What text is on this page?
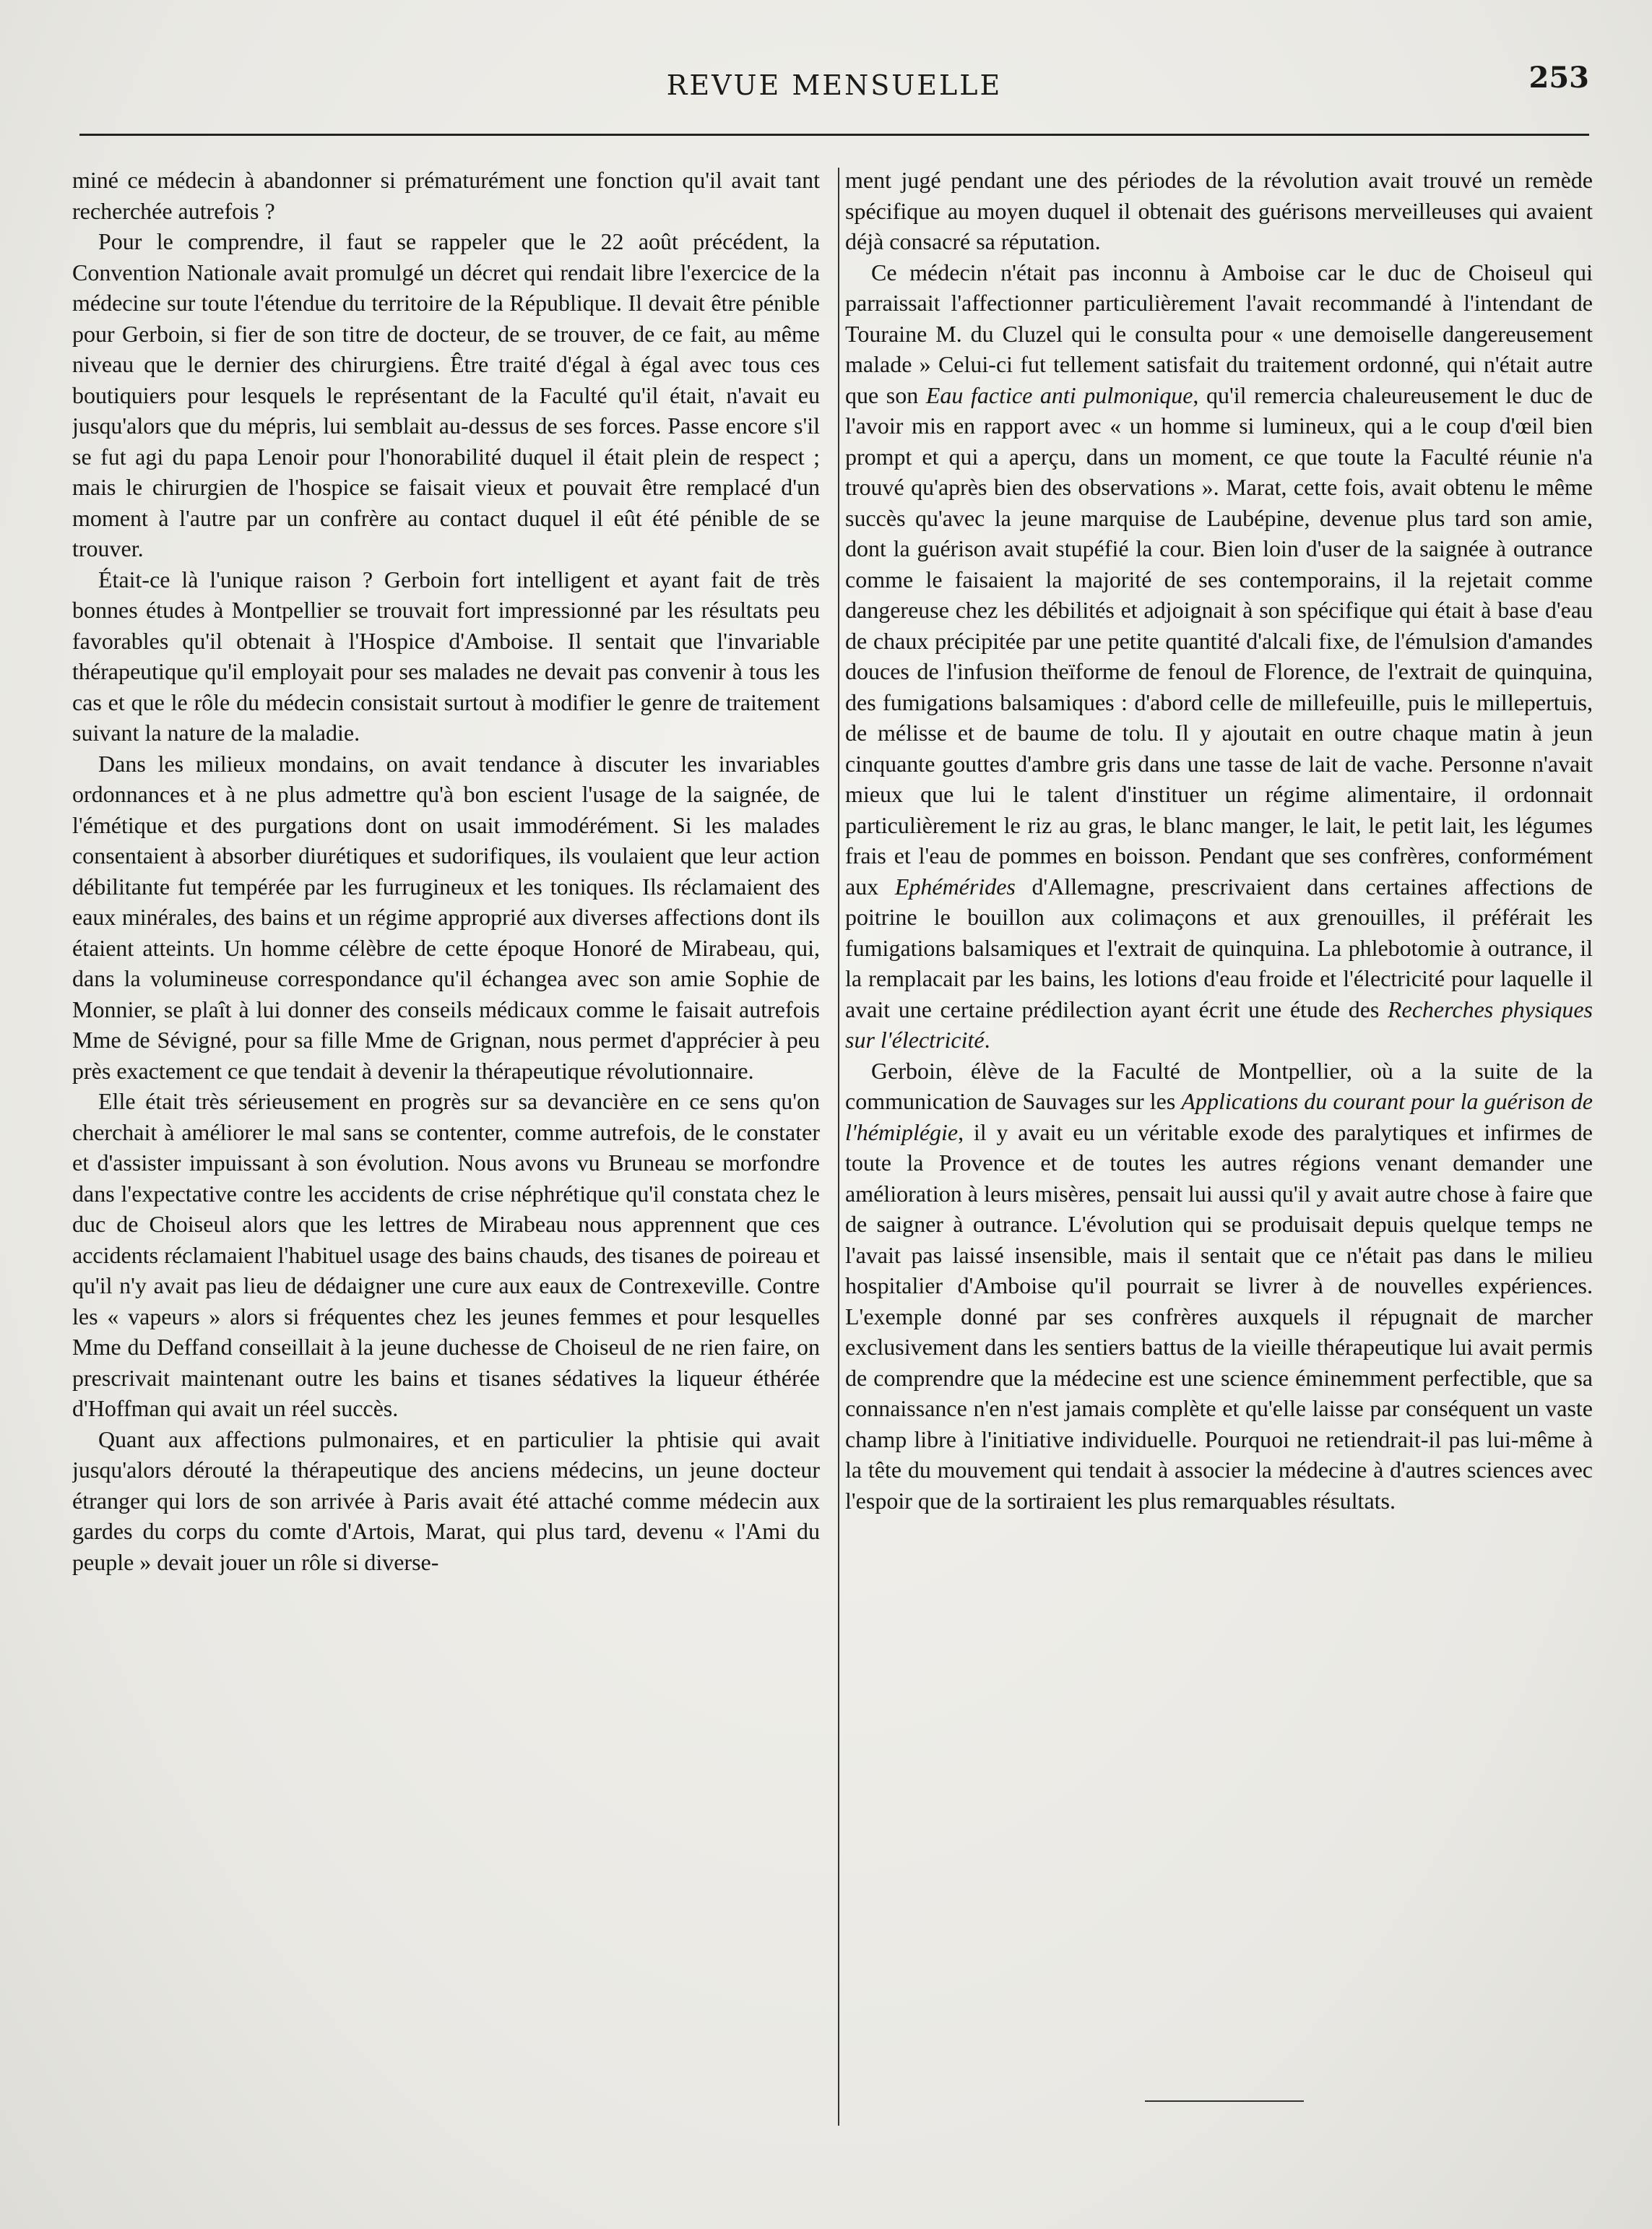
REVUE MENSUELLE	253

miné ce médecin à abandonner si prématurément une fonction qu'il avait tant recherchée autrefois ?

Pour le comprendre, il faut se rappeler que le 22 août précédent, la Convention Nationale avait promulgé un décret qui rendait libre l'exercice de la médecine sur toute l'étendue du territoire de la République. Il devait être pénible pour Gerboin, si fier de son titre de docteur, de se trouver, de ce fait, au même niveau que le dernier des chirurgiens. Être traité d'égal à égal avec tous ces boutiquiers pour lesquels le représentant de la Faculté qu'il était, n'avait eu jusqu'alors que du mépris, lui semblait au-dessus de ses forces. Passe encore s'il se fut agi du papa Lenoir pour l'honorabilité duquel il était plein de respect ; mais le chirurgien de l'hospice se faisait vieux et pouvait être remplacé d'un moment à l'autre par un confrère au contact duquel il eût été pénible de se trouver.

Était-ce là l'unique raison ? Gerboin fort intelligent et ayant fait de très bonnes études à Montpellier se trouvait fort impressionné par les résultats peu favorables qu'il obtenait à l'Hospice d'Amboise. Il sentait que l'invariable thérapeutique qu'il employait pour ses malades ne devait pas convenir à tous les cas et que le rôle du médecin consistait surtout à modifier le genre de traitement suivant la nature de la maladie.

Dans les milieux mondains, on avait tendance à discuter les invariables ordonnances et à ne plus admettre qu'à bon escient l'usage de la saignée, de l'émétique et des purgations dont on usait immodérément. Si les malades consentaient à absorber diurétiques et sudorifiques, ils voulaient que leur action débilitante fut tempérée par les furrugineux et les toniques. Ils réclamaient des eaux minérales, des bains et un régime approprié aux diverses affections dont ils étaient atteints. Un homme célèbre de cette époque Honoré de Mirabeau, qui, dans la volumineuse correspondance qu'il échangea avec son amie Sophie de Monnier, se plaît à lui donner des conseils médicaux comme le faisait autrefois Mme de Sévigné, pour sa fille Mme de Grignan, nous permet d'apprécier à peu près exactement ce que tendait à devenir la thérapeutique révolutionnaire.

Elle était très sérieusement en progrès sur sa devancière en ce sens qu'on cherchait à améliorer le mal sans se contenter, comme autrefois, de le constater et d'assister impuissant à son évolution. Nous avons vu Bruneau se morfondre dans l'expectative contre les accidents de crise néphrétique qu'il constata chez le duc de Choiseul alors que les lettres de Mirabeau nous apprennent que ces accidents réclamaient l'habituel usage des bains chauds, des tisanes de poireau et qu'il n'y avait pas lieu de dédaigner une cure aux eaux de Contrexeville. Contre les « vapeurs » alors si fréquentes chez les jeunes femmes et pour lesquelles Mme du Deffand conseillait à la jeune duchesse de Choiseul de ne rien faire, on prescrivait maintenant outre les bains et tisanes sédatives la liqueur éthérée d'Hoffman qui avait un réel succès.

Quant aux affections pulmonaires, et en particulier la phtisie qui avait jusqu'alors dérouté la thérapeutique des anciens médecins, un jeune docteur étranger qui lors de son arrivée à Paris avait été attaché comme médecin aux gardes du corps du comte d'Artois, Marat, qui plus tard, devenu « l'Ami du peuple » devait jouer un rôle si diverse-

ment jugé pendant une des périodes de la révolution avait trouvé un remède spécifique au moyen duquel il obtenait des guérisons merveilleuses qui avaient déjà consacré sa réputation.

Ce médecin n'était pas inconnu à Amboise car le duc de Choiseul qui parraissait l'affectionner particulièrement l'avait recommandé à l'intendant de Touraine M. du Cluzel qui le consulta pour « une demoiselle dangereusement malade » Celui-ci fut tellement satisfait du traitement ordonné, qui n'était autre que son Eau factice anti pulmonique, qu'il remercia chaleureusement le duc de l'avoir mis en rapport avec « un homme si lumineux, qui a le coup d'œil bien prompt et qui a aperçu, dans un moment, ce que toute la Faculté réunie n'a trouvé qu'après bien des observations ». Marat, cette fois, avait obtenu le même succès qu'avec la jeune marquise de Laubépine, devenue plus tard son amie, dont la guérison avait stupéfié la cour. Bien loin d'user de la saignée à outrance comme le faisaient la majorité de ses contemporains, il la rejetait comme dangereuse chez les débilités et adjoignait à son spécifique qui était à base d'eau de chaux précipitée par une petite quantité d'alcali fixe, de l'émulsion d'amandes douces de l'infusion theïforme de fenoul de Florence, de l'extrait de quinquina, des fumigations balsamiques : d'abord celle de millefeuille, puis le millepertuis, de mélisse et de baume de tolu. Il y ajoutait en outre chaque matin à jeun cinquante gouttes d'ambre gris dans une tasse de lait de vache. Personne n'avait mieux que lui le talent d'instituer un régime alimentaire, il ordonnait particulièrement le riz au gras, le blanc manger, le lait, le petit lait, les légumes frais et l'eau de pommes en boisson. Pendant que ses confrères, conformément aux Ephémérides d'Allemagne, prescrivaient dans certaines affections de poitrine le bouillon aux colimaçons et aux grenouilles, il préférait les fumigations balsamiques et l'extrait de quinquina. La phlebotomie à outrance, il la remplacait par les bains, les lotions d'eau froide et l'électricité pour laquelle il avait une certaine prédilection ayant écrit une étude des Recherches physiques sur l'électricité.

Gerboin, élève de la Faculté de Montpellier, où a la suite de la communication de Sauvages sur les Applications du courant pour la guérison de l'hémiplégie, il y avait eu un véritable exode des paralytiques et infirmes de toute la Provence et de toutes les autres régions venant demander une amélioration à leurs misères, pensait lui aussi qu'il y avait autre chose à faire que de saigner à outrance. L'évolution qui se produisait depuis quelque temps ne l'avait pas laissé insensible, mais il sentait que ce n'était pas dans le milieu hospitalier d'Amboise qu'il pourrait se livrer à de nouvelles expériences. L'exemple donné par ses confrères auxquels il répugnait de marcher exclusivement dans les sentiers battus de la vieille thérapeutique lui avait permis de comprendre que la médecine est une science éminemment perfectible, que sa connaissance n'en n'est jamais complète et qu'elle laisse par conséquent un vaste champ libre à l'initiative individuelle. Pourquoi ne retiendrait-il pas lui-même à la tête du mouvement qui tendait à associer la médecine à d'autres sciences avec l'espoir que de la sortiraient les plus remarquables résultats.
